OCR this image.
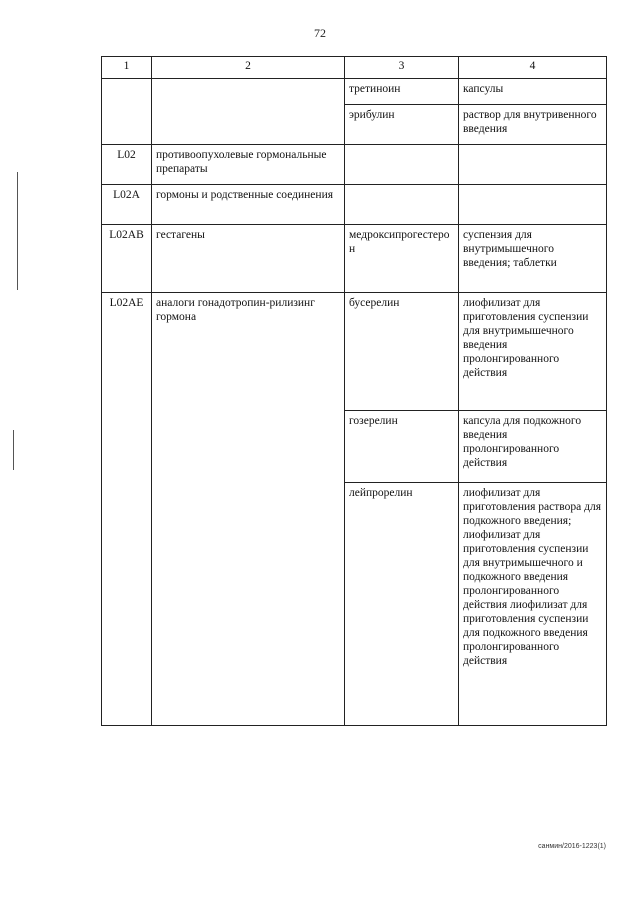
72
1	2	3	4
		третиноин	капсулы
		эрибулин	раствор для внутривенного введения
L02	противоопухолевые гормональные препараты		
L02A	гормоны и родственные соединения		
L02AB	гестагены	медроксипрогестерон	суспензия для внутримышечного введения; таблетки
L02AE	аналоги гонадотропин-рилизинг гормона	бусерелин	лиофилизат для приготовления суспензии для внутримышечного введения пролонгированного действия
		гозерелин	капсула для подкожного введения пролонгированного действия
		лейпрорелин	лиофилизат для приготовления раствора для подкожного введения; лиофилизат для приготовления суспензии для внутримышечного и подкожного введения пролонгированного действия лиофилизат для приготовления суспензии для подкожного введения пролонгированного действия
санмин/2016-1223(1)
